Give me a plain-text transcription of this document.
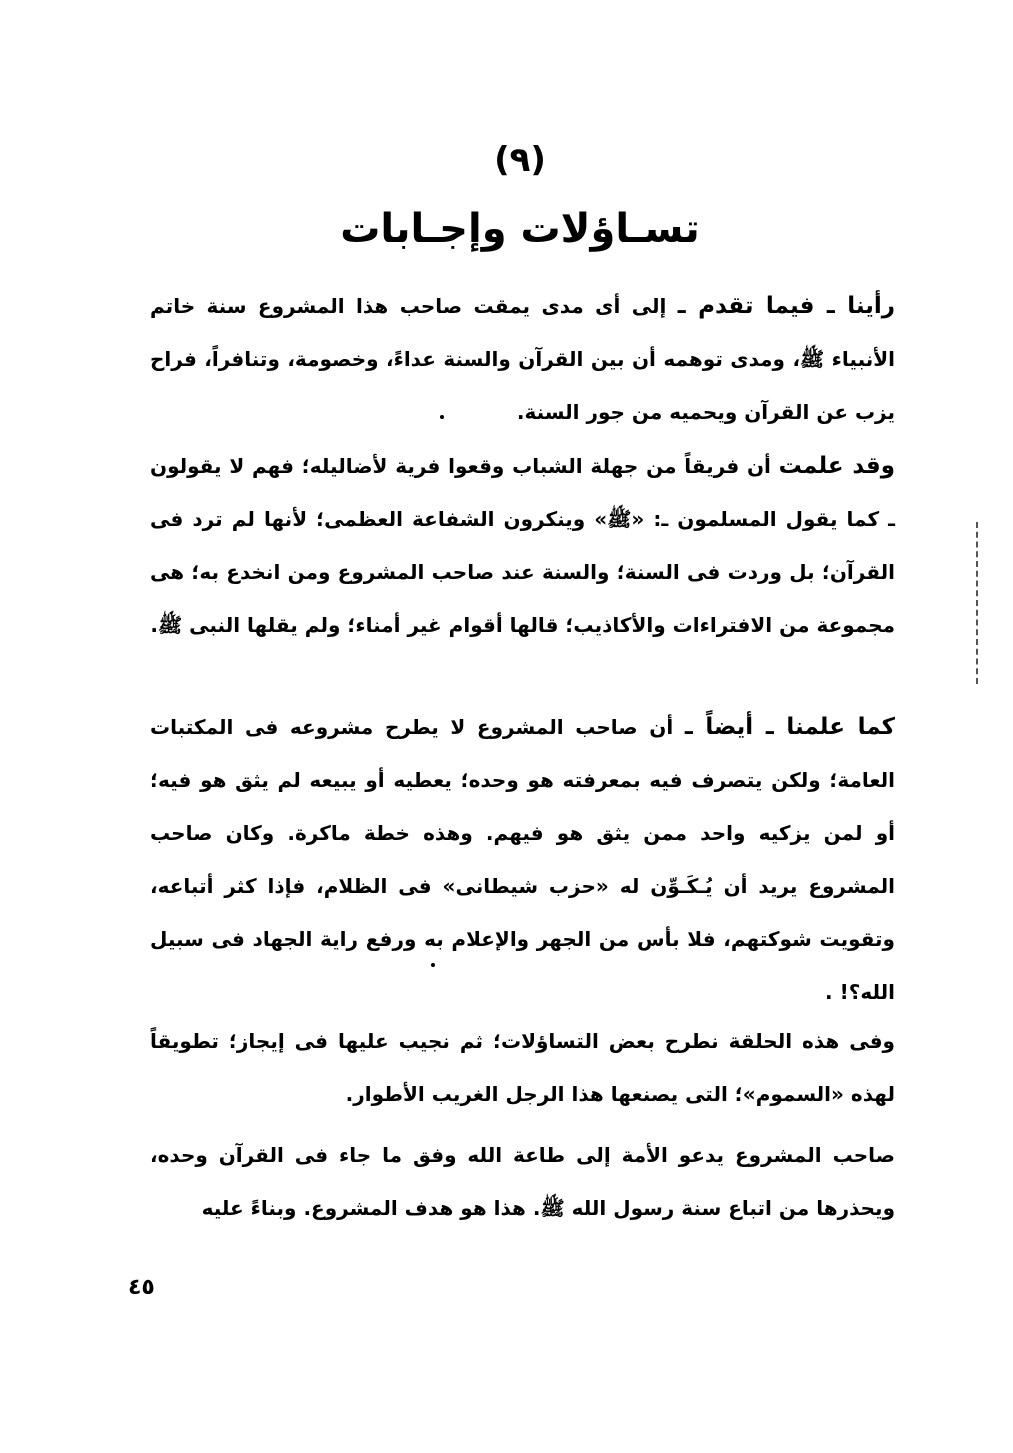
(٩)
تسـاؤلات وإجـابات

رأينا ـ فيما تقدم ـ إلى أى مدى يمقت صاحب هذا المشروع سنة خاتم الأنبياء ﷺ، ومدى توهمه أن بين القرآن والسنة عداءً، وخصومة، وتنافراً، فراح يزب عن القرآن ويحميه من جور السنة.

وقد علمت أن فريقاً من جهلة الشباب وقعوا فرية لأضاليله؛ فهم لا يقولون ـ كما يقول المسلمون ـ: «ﷺ» وينكرون الشفاعة العظمى؛ لأنها لم ترد فى القرآن؛ بل وردت فى السنة؛ والسنة عند صاحب المشروع ومن انخدع به؛ هى مجموعة من الافتراءات والأكاذيب؛ قالها أقوام غير أمناء؛ ولم يقلها النبى ﷺ.

كما علمنا ـ أيضاً ـ أن صاحب المشروع لا يطرح مشروعه فى المكتبات العامة؛ ولكن يتصرف فيه بمعرفته هو وحده؛ يعطيه أو يبيعه لم يثق هو فيه؛ أو لمن يزكيه واحد ممن يثق هو فيهم. وهذه خطة ماكرة. وكان صاحب المشروع يريد أن يُـكَـوِّن له «حزب شيطانى» فى الظلام، فإذا كثر أتباعه، وتقويت شوكتهم، فلا بأس من الجهر والإعلام به ورفع راية الجهاد فى سبيل الله؟! .

وفى هذه الحلقة نطرح بعض التساؤلات؛ ثم نجيب عليها فى إيجاز؛ تطويقاً لهذه «السموم»؛ التى يصنعها هذا الرجل الغريب الأطوار.

صاحب المشروع يدعو الأمة إلى طاعة الله وفق ما جاء فى القرآن وحده، ويحذرها من اتباع سنة رسول الله ﷺ. هذا هو هدف المشروع. وبناءً عليه

٤٥
